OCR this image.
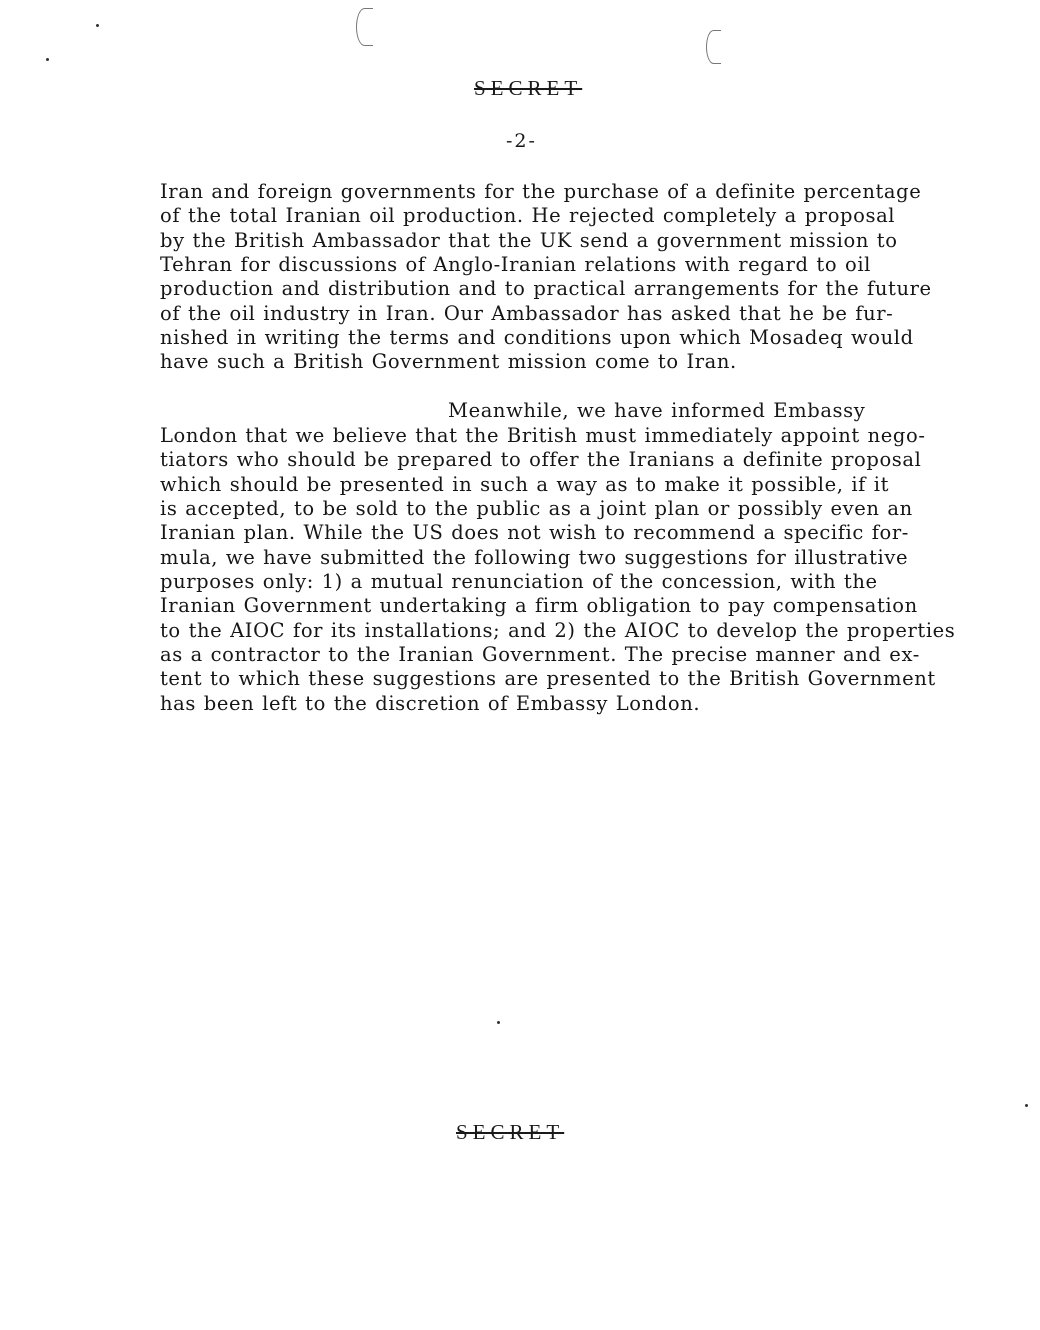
SECRET
-2-
Iran and foreign governments for the purchase of a definite percentage
of the total Iranian oil production. He rejected completely a proposal
by the British Ambassador that the UK send a government mission to
Tehran for discussions of Anglo-Iranian relations with regard to oil
production and distribution and to practical arrangements for the future
of the oil industry in Iran. Our Ambassador has asked that he be fur-
nished in writing the terms and conditions upon which Mosadeq would
have such a British Government mission come to Iran.
Meanwhile, we have informed Embassy
London that we believe that the British must immediately appoint nego-
tiators who should be prepared to offer the Iranians a definite proposal
which should be presented in such a way as to make it possible, if it
is accepted, to be sold to the public as a joint plan or possibly even an
Iranian plan. While the US does not wish to recommend a specific for-
mula, we have submitted the following two suggestions for illustrative
purposes only: 1) a mutual renunciation of the concession, with the
Iranian Government undertaking a firm obligation to pay compensation
to the AIOC for its installations; and 2) the AIOC to develop the properties
as a contractor to the Iranian Government. The precise manner and ex-
tent to which these suggestions are presented to the British Government
has been left to the discretion of Embassy London.
SECRET
